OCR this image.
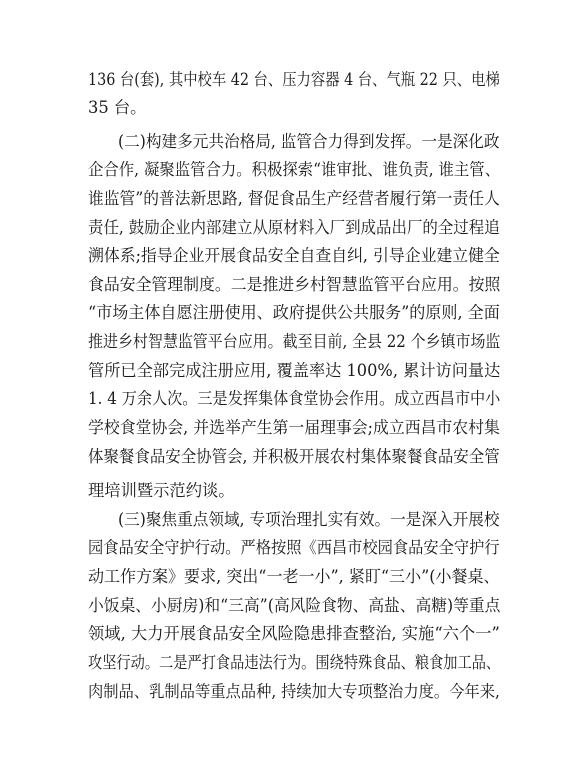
136 台(套), 其中校车 42 台、压力容器 4 台、气瓶 22 只、电梯
35 台。
(二)构建多元共治格局, 监管合力得到发挥。一是深化政
企合作, 凝聚监管合力。积极探索“谁审批、谁负责, 谁主管、
谁监管”的普法新思路, 督促食品生产经营者履行第一责任人
责任, 鼓励企业内部建立从原材料入厂到成品出厂的全过程追
溯体系;指导企业开展食品安全自查自纠, 引导企业建立健全
食品安全管理制度。二是推进乡村智慧监管平台应用。按照
“市场主体自愿注册使用、政府提供公共服务”的原则, 全面
推进乡村智慧监管平台应用。截至目前, 全县 22 个乡镇市场监
管所已全部完成注册应用, 覆盖率达 100%, 累计访问量达
1. 4 万余人次。三是发挥集体食堂协会作用。成立西昌市中小
学校食堂协会, 并选举产生第一届理事会;成立西昌市农村集
体聚餐食品安全协管会, 并积极开展农村集体聚餐食品安全管
理培训暨示范约谈。
(三)聚焦重点领域, 专项治理扎实有效。一是深入开展校
园食品安全守护行动。严格按照《西昌市校园食品安全守护行
动工作方案》要求, 突出“一老一小”, 紧盯“三小”(小餐桌、
小饭桌、小厨房)和“三高”(高风险食物、高盐、高糖)等重点
领域, 大力开展食品安全风险隐患排查整治, 实施“六个一”
攻坚行动。二是严打食品违法行为。围绕特殊食品、粮食加工品、
肉制品、乳制品等重点品种, 持续加大专项整治力度。今年来,
